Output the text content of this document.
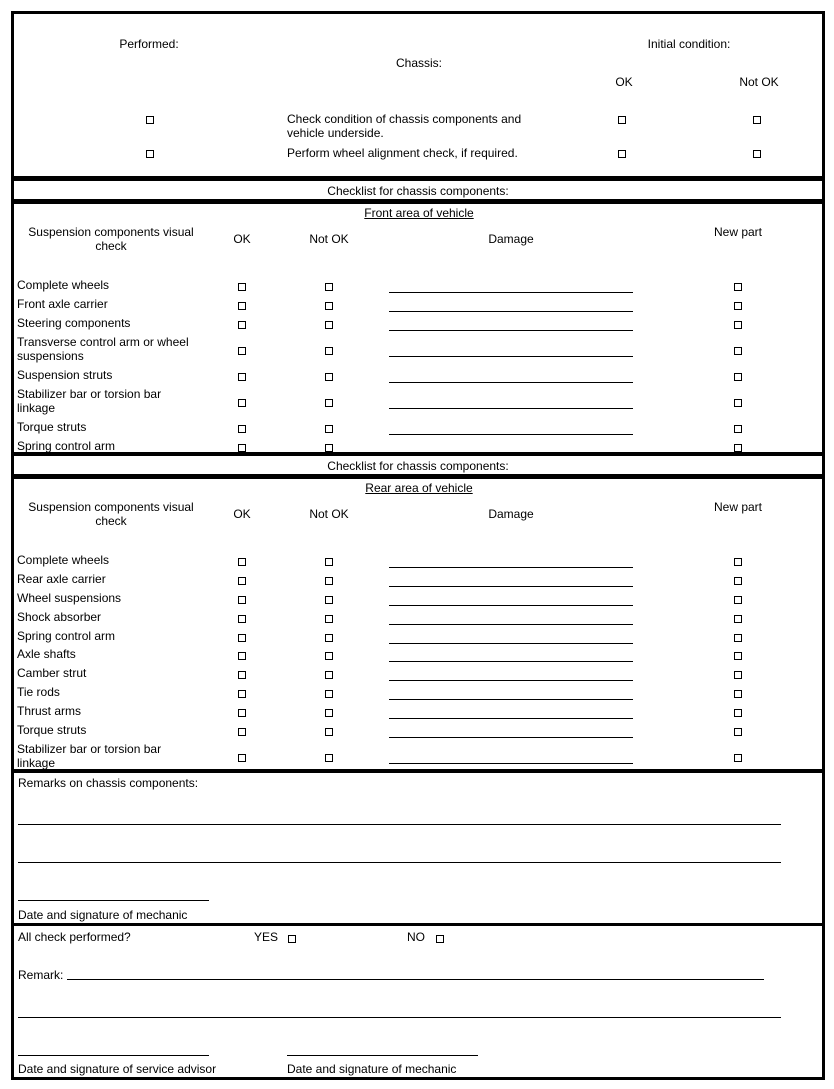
Performed:
Chassis:
Initial condition:
OK	Not OK
Check condition of chassis components and vehicle underside.
Perform wheel alignment check, if required.
Checklist for chassis components:
Front area of vehicle
Suspension components visual check	OK	Not OK	Damage	New part
Complete wheels
Front axle carrier
Steering components
Transverse control arm or wheel suspensions
Suspension struts
Stabilizer bar or torsion bar linkage
Torque struts
Spring control arm
Checklist for chassis components:
Rear area of vehicle
Suspension components visual check	OK	Not OK	Damage	New part
Complete wheels
Rear axle carrier
Wheel suspensions
Shock absorber
Spring control arm
Axle shafts
Camber strut
Tie rods
Thrust arms
Torque struts
Stabilizer bar or torsion bar linkage
Remarks on chassis components:
Date and signature of mechanic
All check performed?	YES	NO
Remark:
Date and signature of service advisor	Date and signature of mechanic
